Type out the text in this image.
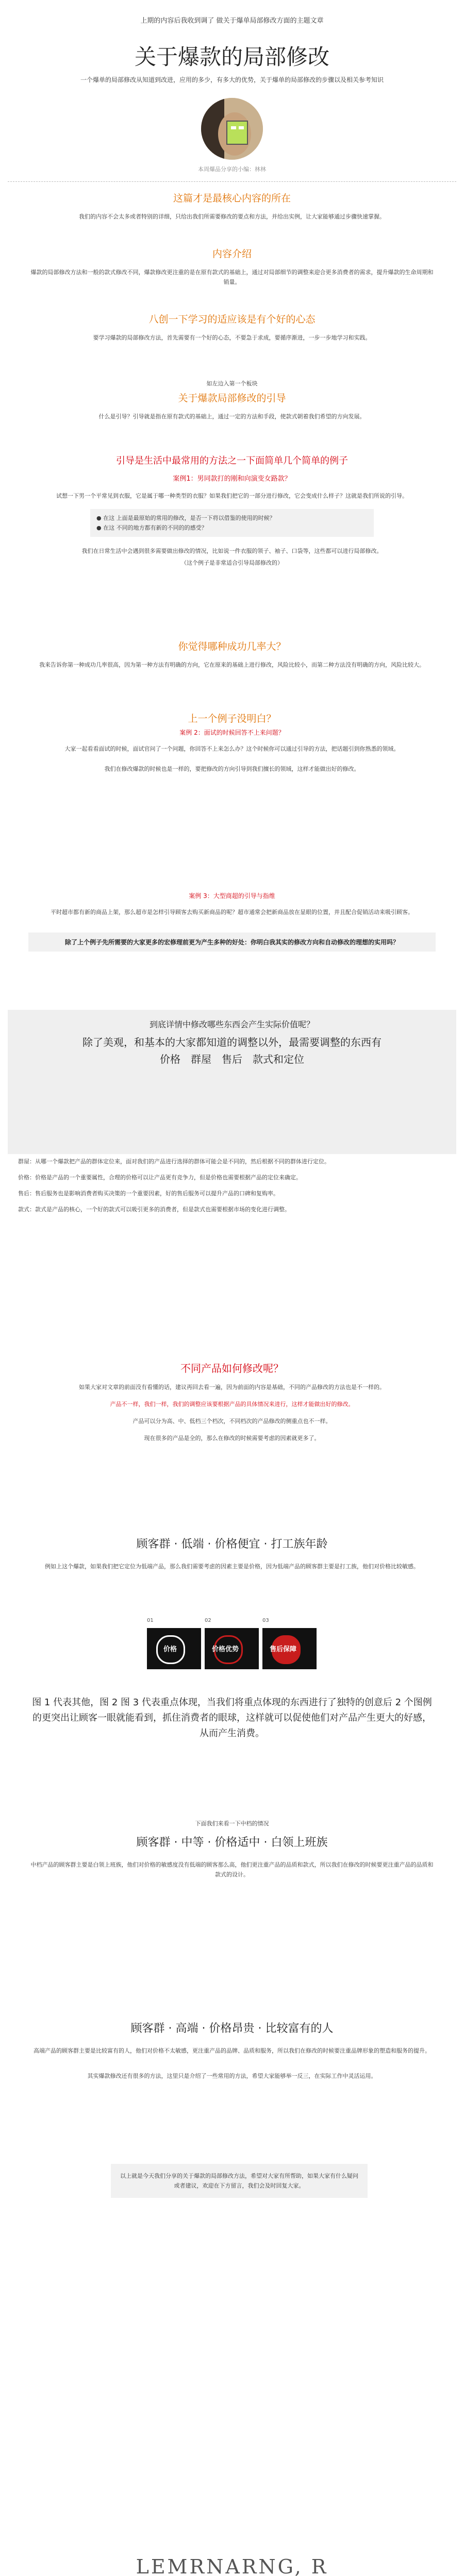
上期的内容后我收到调了 做关于爆单局部修改方面的主题文章
关于爆款的局部修改
一个爆单的局部修改从知道到改进，应用的多少，有多大的优势，关于爆单的局部修改的步骤以及相关参考知识
本周爆品分享的小编：林林
这篇才是最核心内容的所在
我们的内容不会太多或者特别的详细，只给出我们所需要修改的要点和方法，并给出实例，让大家能够通过步骤快速掌握。
内容介绍
爆款的局部修改方法和一般的款式修改不同，爆款修改更注重的是在原有款式的基础上，通过对局部细节的调整来迎合更多消费者的需求，提升爆款的生命周期和销量。
八创一下学习的适应该是有个好的心态
要学习爆款的局部修改方法，首先需要有一个好的心态，不要急于求成，要循序渐进，一步一步地学习和实践。
如左边入第一个板块
关于爆款局部修改的引导
什么是引导？引导就是指在原有款式的基础上，通过一定的方法和手段，使款式朝着我们希望的方向发展。
引导是生活中最常用的方法之一下面简单几个简单的例子
案例1：男同款打的刚和向演变女路款？
试想一下男一个平常见到衣服，它是属于哪一种类型的衣服？如果我们把它的一部分进行修改，它会变成什么样子？这就是我们所说的引导。
● 在这 上面是最原始的常用的修改，是否一下将以借鉴的使用的时候？
● 在这 不同的地方都有新的不同的的感受？
我们在日常生活中会遇到很多需要做出修改的情况，比如说一件衣服的领子、袖子、口袋等，这些都可以进行局部修改。
（这个例子是非常适合引导局部修改的）
你觉得哪种成功几率大？
我来告诉你第一种成功几率很高，因为第一种方法有明确的方向，它在原来的基础上进行修改，风险比较小，而第二种方法没有明确的方向，风险比较大。
上一个例子没明白？
案例 2：面试的时候回答不上来问题？
大家一起看看面试的时候，面试官问了一个问题，你回答不上来怎么办？这个时候你可以通过引导的方法，把话题引到你熟悉的领域。
我们在修改爆款的时候也是一样的，要把修改的方向引导到我们擅长的领域，这样才能做出好的修改。
案例 3：大型商超的引导与指维
平时超市都有新的商品上架，那么超市是怎样引导顾客去购买新商品的呢？超市通常会把新商品放在显眼的位置，并且配合促销活动来吸引顾客。
除了上个例子先所需要的大家更多的宏修理前更为产生多种的好处：你明白我其实的修改方向和自动修改的理想的实用吗？
到底详情中修改哪些东西会产生实际价值呢？
除了美观，和基本的大家都知道的调整以外，最需要调整的东西有
价格　群屋　售后　款式和定位
群屋：从哪一个爆款把产品的群体定位来，面对我们的产品进行选择的群体可能会是不同的，然后根据不同的群体进行定位。
价格：价格是产品的一个重要属性，合理的价格可以让产品更有竞争力，但是价格也需要根据产品的定位来确定。
售后：售后服务也是影响消费者购买决策的一个重要因素，好的售后服务可以提升产品的口碑和复购率。
款式：款式是产品的核心，一个好的款式可以吸引更多的消费者，但是款式也需要根据市场的变化进行调整。
不同产品如何修改呢？
如果大家对文章的前面没有看懂的话，建议再回去看一遍，因为前面的内容是基础，不同的产品修改的方法也是不一样的。
产品不一样，我们一样，我们的调整应该要根据产品的具体情况来进行，这样才能做出好的修改。
产品可以分为高、中、低档三个档次，不同档次的产品修改的侧重点也不一样。
现在很多的产品是全的，那么在修改的时候需要考虑的因素就更多了。
顾客群 · 低端 · 价格便宜 · 打工族年龄
例如上这个爆款，如果我们把它定位为低端产品，那么我们需要考虑的因素主要是价格，因为低端产品的顾客群主要是打工族，他们对价格比较敏感。
01	02	03
价格	价格优势	售后保障
图 1 代表其他，图 2 图 3 代表重点体现，当我们将重点体现的东西进行了独特的创意后 2 个图例的更突出让顾客一眼就能看到，抓住消费者的眼球，这样就可以促使他们对产品产生更大的好感，从而产生消费。
下面我们来看一下中档的情况
顾客群 · 中等 · 价格适中 · 白领上班族
中档产品的顾客群主要是白领上班族，他们对价格的敏感度没有低端的顾客那么高，他们更注重产品的品质和款式，所以我们在修改的时候要更注重产品的品质和款式的设计。
顾客群 · 高端 · 价格昂贵 · 比较富有的人
高端产品的顾客群主要是比较富有的人，他们对价格不太敏感，更注重产品的品牌、品质和服务，所以我们在修改的时候要注重品牌形象的塑造和服务的提升。
其实爆款修改还有很多的方法，这里只是介绍了一些常用的方法，希望大家能够举一反三，在实际工作中灵活运用。
以上就是今天我们分享的关于爆款的局部修改方法，希望对大家有所帮助，如果大家有什么疑问或者建议，欢迎在下方留言，我们会及时回复大家。
LEMRNARNG, R
